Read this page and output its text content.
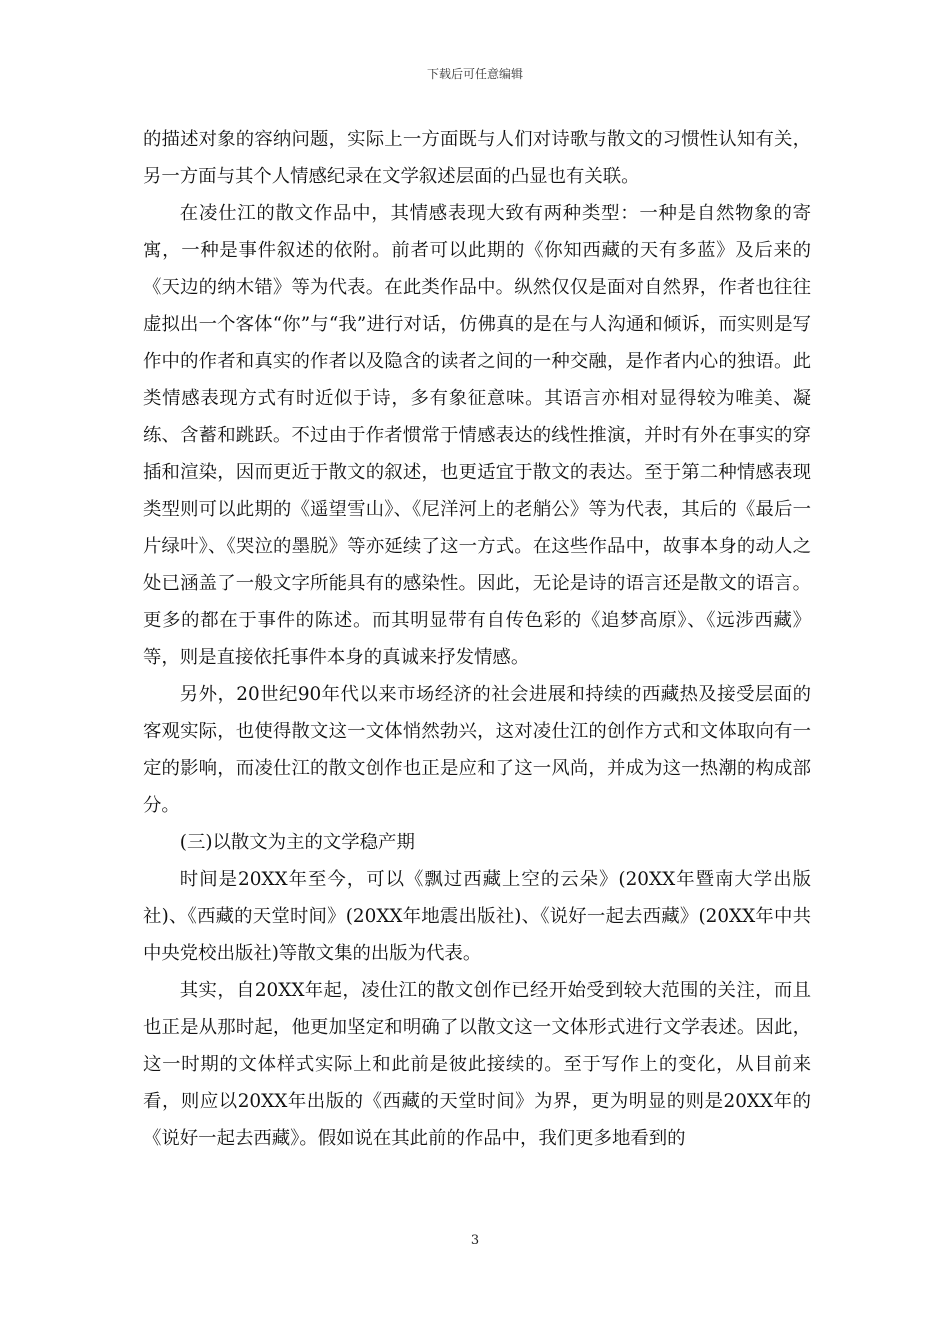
下载后可任意编辑

的描述对象的容纳问题，实际上一方面既与人们对诗歌与散文的习惯性认知有关，另一方面与其个人情感纪录在文学叙述层面的凸显也有关联。

在凌仕江的散文作品中，其情感表现大致有两种类型：一种是自然物象的寄寓，一种是事件叙述的依附。前者可以此期的《你知西藏的天有多蓝》及后来的《天边的纳木错》等为代表。在此类作品中。纵然仅仅是面对自然界，作者也往往虚拟出一个客体“你”与“我”进行对话，仿佛真的是在与人沟通和倾诉，而实则是写作中的作者和真实的作者以及隐含的读者之间的一种交融，是作者内心的独语。此类情感表现方式有时近似于诗，多有象征意味。其语言亦相对显得较为唯美、凝练、含蓄和跳跃。不过由于作者惯常于情感表达的线性推演，并时有外在事实的穿插和渲染，因而更近于散文的叙述，也更适宜于散文的表达。至于第二种情感表现类型则可以此期的《遥望雪山》、《尼洋河上的老艄公》等为代表，其后的《最后一片绿叶》、《哭泣的墨脱》等亦延续了这一方式。在这些作品中，故事本身的动人之处已涵盖了一般文字所能具有的感染性。因此，无论是诗的语言还是散文的语言。更多的都在于事件的陈述。而其明显带有自传色彩的《追梦高原》、《远涉西藏》等，则是直接依托事件本身的真诚来抒发情感。

另外，20世纪90年代以来市场经济的社会进展和持续的西藏热及接受层面的客观实际，也使得散文这一文体悄然勃兴，这对凌仕江的创作方式和文体取向有一定的影响，而凌仕江的散文创作也正是应和了这一风尚，并成为这一热潮的构成部分。

(三)以散文为主的文学稳产期

时间是20XX年至今，可以《飘过西藏上空的云朵》(20XX年暨南大学出版社)、《西藏的天堂时间》(20XX年地震出版社)、《说好一起去西藏》(20XX年中共中央党校出版社)等散文集的出版为代表。

其实，自20XX年起，凌仕江的散文创作已经开始受到较大范围的关注，而且也正是从那时起，他更加坚定和明确了以散文这一文体形式进行文学表述。因此，这一时期的文体样式实际上和此前是彼此接续的。至于写作上的变化，从目前来看，则应以20XX年出版的《西藏的天堂时间》为界，更为明显的则是20XX年的《说好一起去西藏》。假如说在其此前的作品中，我们更多地看到的

3
